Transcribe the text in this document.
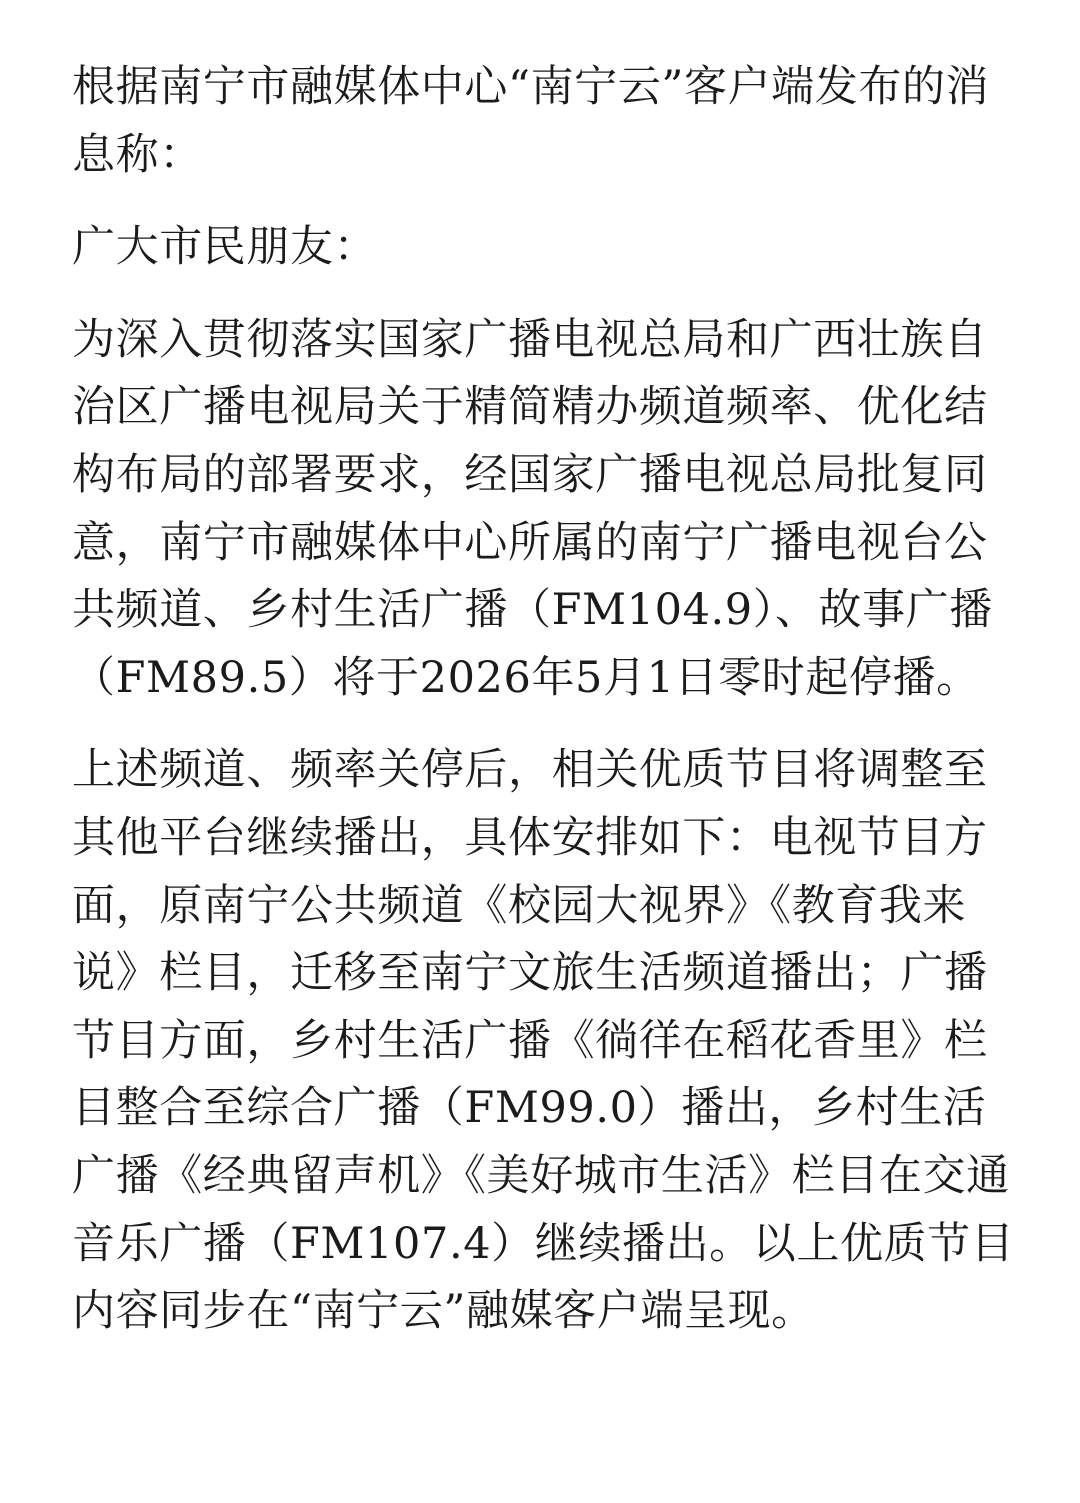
根据南宁市融媒体中心“南宁云”客户端发布的消息称：

广大市民朋友：

为深入贯彻落实国家广播电视总局和广西壮族自治区广播电视局关于精简精办频道频率、优化结构布局的部署要求，经国家广播电视总局批复同意，南宁市融媒体中心所属的南宁广播电视台公共频道、乡村生活广播（FM104.9）、故事广播（FM89.5）将于2026年5月1日零时起停播。

上述频道、频率关停后，相关优质节目将调整至其他平台继续播出，具体安排如下：电视节目方面，原南宁公共频道《校园大视界》《教育我来说》栏目，迁移至南宁文旅生活频道播出；广播节目方面，乡村生活广播《徜徉在稻花香里》栏目整合至综合广播（FM99.0）播出，乡村生活广播《经典留声机》《美好城市生活》栏目在交通音乐广播（FM107.4）继续播出。以上优质节目内容同步在“南宁云”融媒客户端呈现。
